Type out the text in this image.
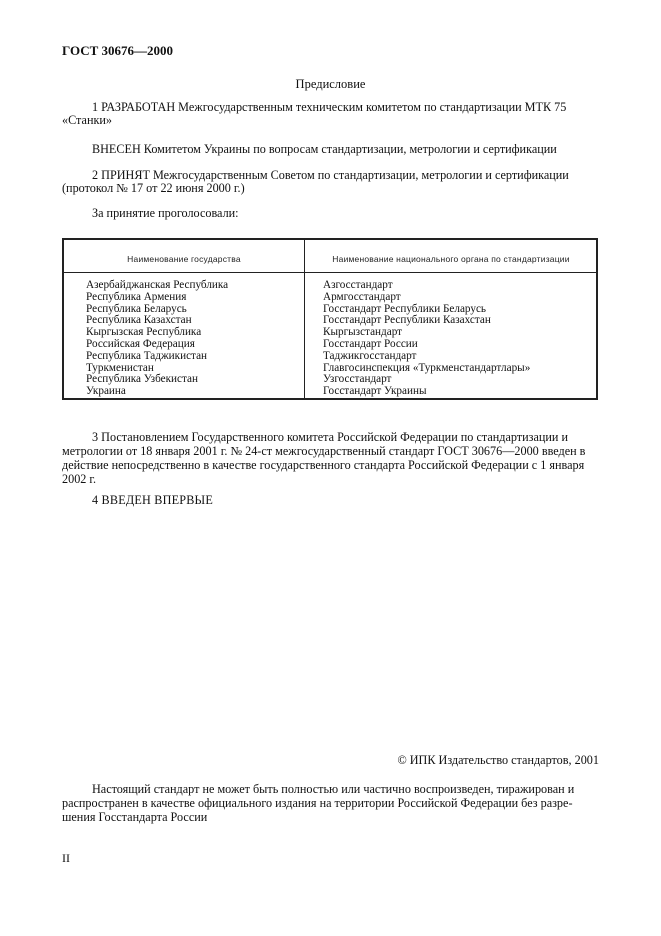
ГОСТ 30676—2000
Предисловие
1 РАЗРАБОТАН Межгосударственным техническим комитетом по стандартизации МТК 75
«Станки»
ВНЕСЕН Комитетом Украины по вопросам стандартизации, метрологии и сертификации
2 ПРИНЯТ Межгосударственным Советом по стандартизации, метрологии и сертификации
(протокол № 17 от 22 июня 2000 г.)
За принятие проголосовали:
Наименование государства	Наименование национального органа по стандартизации
Азербайджанская Республика
Республика Армения
Республика Беларусь
Республика Казахстан
Кыргызская Республика
Российская Федерация
Республика Таджикистан
Туркменистан
Республика Узбекистан
Украина
Азгосстандарт
Армгосстандарт
Госстандарт Республики Беларусь
Госстандарт Республики Казахстан
Кыргызстандарт
Госстандарт России
Таджикгосстандарт
Главгосинспекция «Туркменстандартлары»
Узгосстандарт
Госстандарт Украины
3 Постановлением Государственного комитета Российской Федерации по стандартизации и
метрологии от 18 января 2001 г. № 24-ст межгосударственный стандарт ГОСТ 30676—2000 введен в
действие непосредственно в качестве государственного стандарта Российской Федерации с 1 января
2002 г.
4 ВВЕДЕН ВПЕРВЫЕ
© ИПК Издательство стандартов, 2001
Настоящий стандарт не может быть полностью или частично воспроизведен, тиражирован и
распространен в качестве официального издания на территории Российской Федерации без разре-
шения Госстандарта России
II
